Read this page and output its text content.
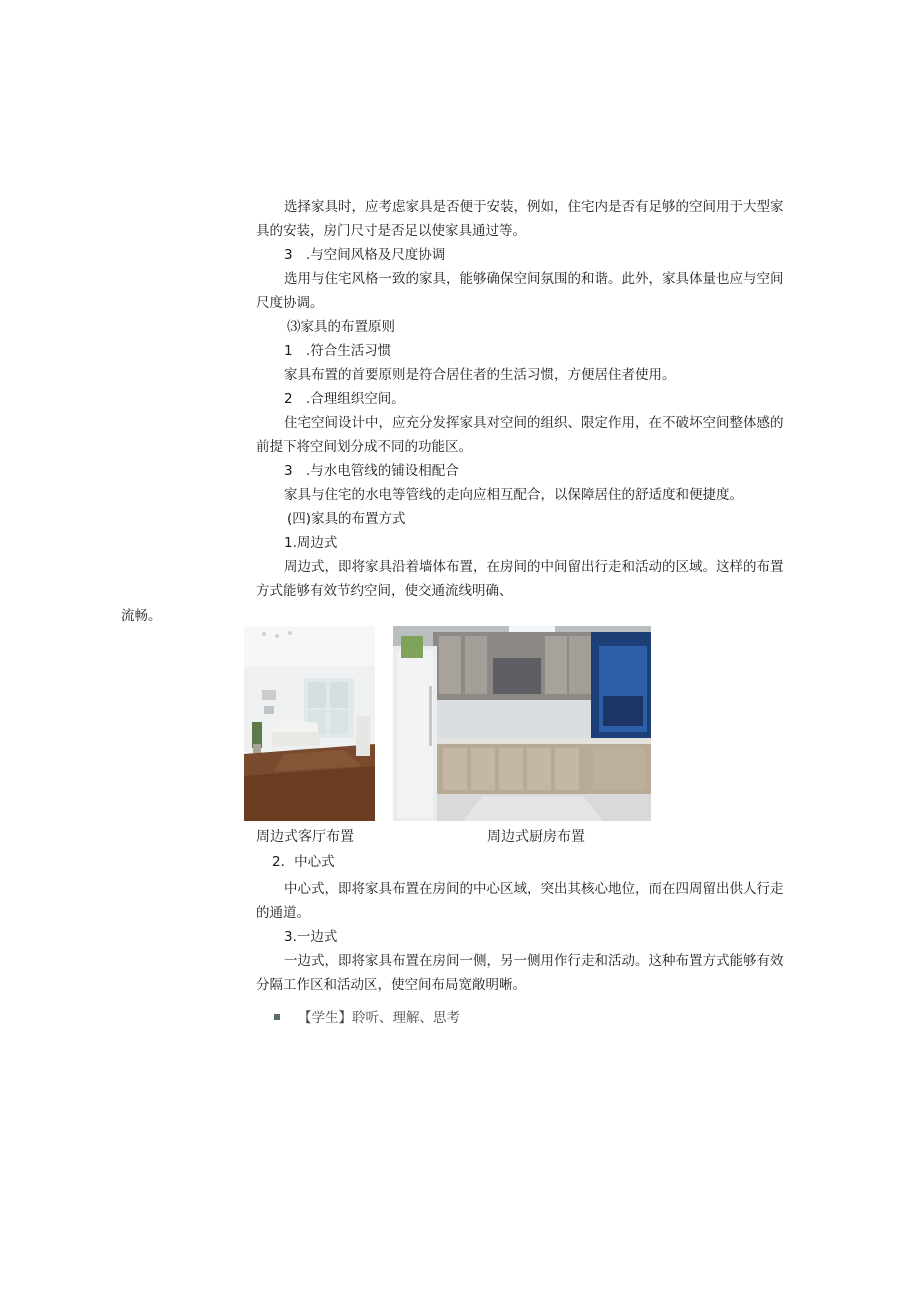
选择家具时，应考虑家具是否便于安装，例如，住宅内是否有足够的空间用于大型家
具的安装，房门尺寸是否足以使家具通过等。
3 .与空间风格及尺度协调
选用与住宅风格一致的家具，能够确保空间氛围的和谐。此外，家具体量也应与空间
尺度协调。
⑶家具的布置原则
1 .符合生活习惯
家具布置的首要原则是符合居住者的生活习惯，方便居住者使用。
2 .合理组织空间。
住宅空间设计中，应充分发挥家具对空间的组织、限定作用，在不破坏空间整体感的
前提下将空间划分成不同的功能区。
3 .与水电管线的铺设相配合
家具与住宅的水电等管线的走向应相互配合，以保障居住的舒适度和便捷度。
(四)家具的布置方式
1.周边式
周边式，即将家具沿着墙体布置，在房间的中间留出行走和活动的区域。这样的布置
方式能够有效节约空间，使交通流线明确、
流畅。
周边式客厅布置	周边式厨房布置
2．中心式
中心式，即将家具布置在房间的中心区域，突出其核心地位，而在四周留出供人行走
的通道。
3.一边式
一边式，即将家具布置在房间一侧，另一侧用作行走和活动。这种布置方式能够有效
分隔工作区和活动区，使空间布局宽敞明晰。
【学生】聆听、理解、思考
